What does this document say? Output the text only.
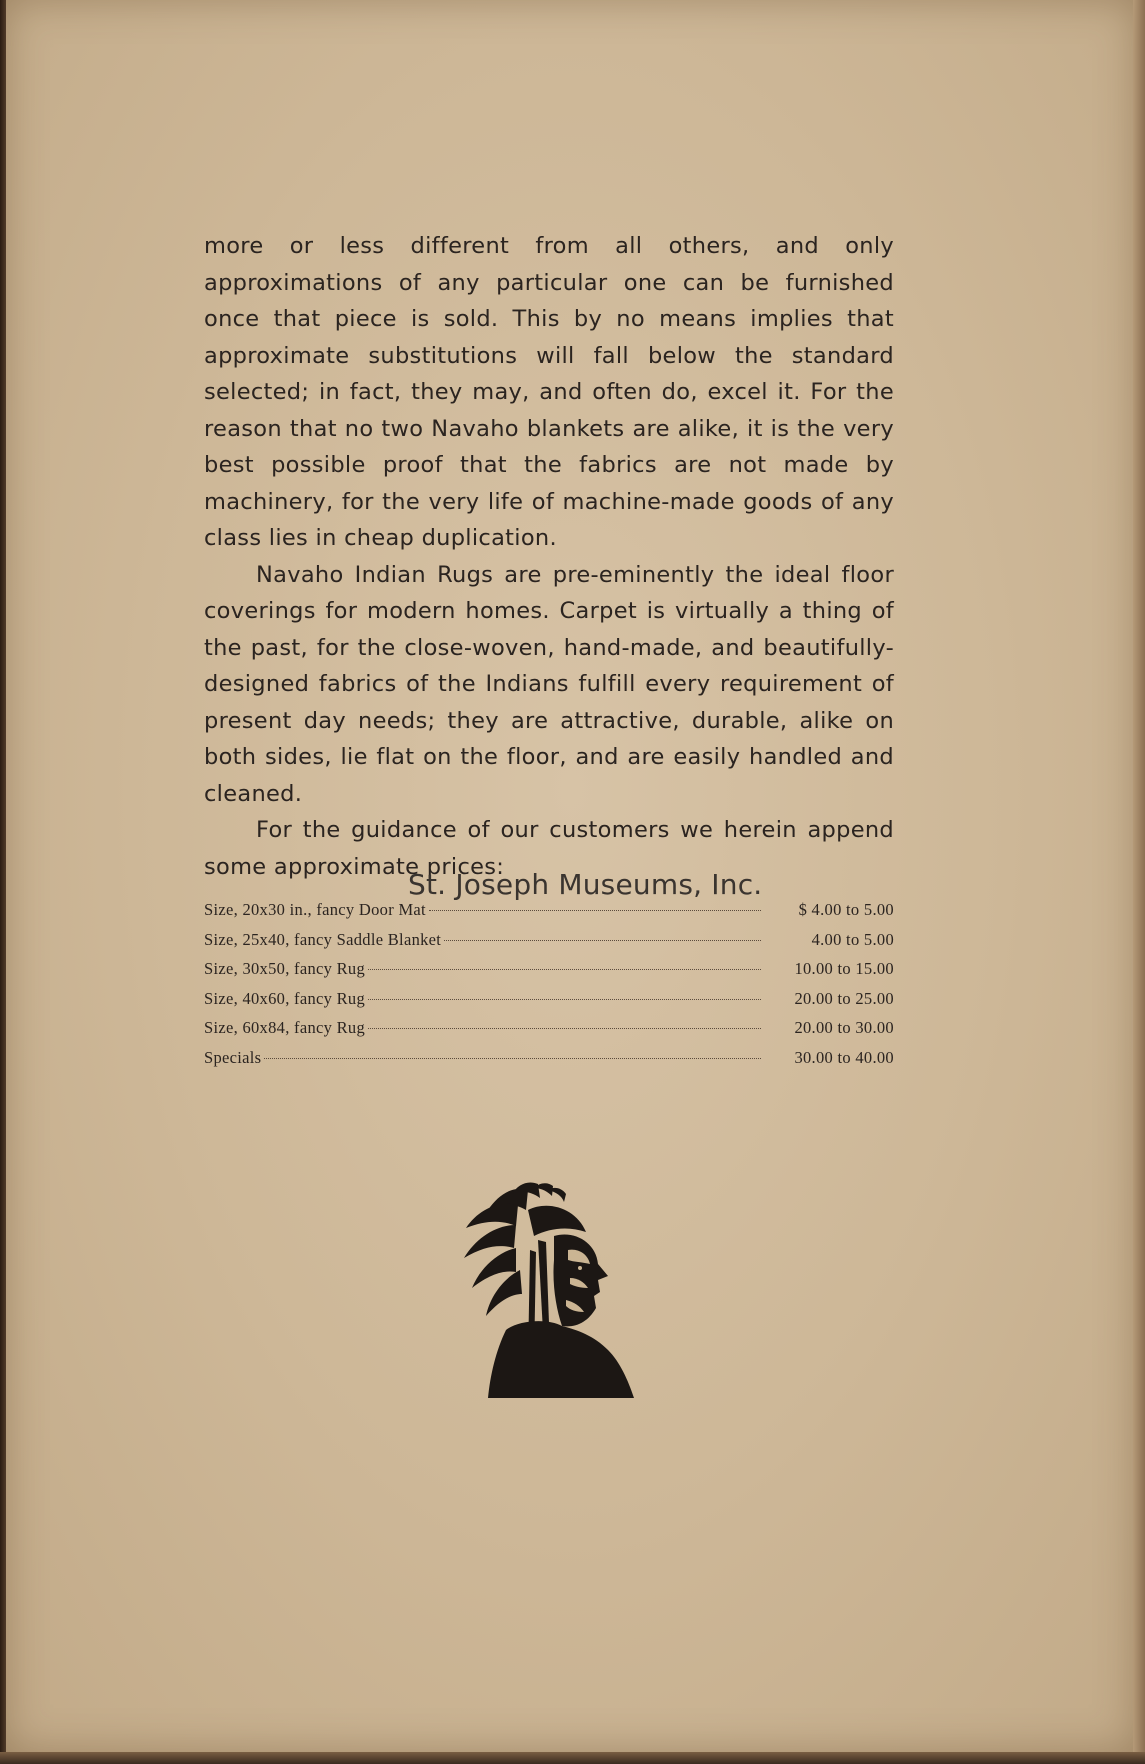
more or less different from all others, and only approximations of any particular one can be furnished once that piece is sold. This by no means implies that approximate substitutions will fall below the standard selected; in fact, they may, and often do, excel it. For the reason that no two Navaho blankets are alike, it is the very best possible proof that the fabrics are not made by machinery, for the very life of machine-made goods of any class lies in cheap duplication.

Navaho Indian Rugs are pre-eminently the ideal floor coverings for modern homes. Carpet is virtually a thing of the past, for the close-woven, hand-made, and beautifully-designed fabrics of the Indians fulfill every requirement of present day needs; they are attractive, durable, alike on both sides, lie flat on the floor, and are easily handled and cleaned.

For the guidance of our customers we herein append some approximate prices:

St. Joseph Museums, Inc.
Size, 20x30 in., fancy Door Mat	$ 4.00 to 5.00
Size, 25x40, fancy Saddle Blanket	4.00 to 5.00
Size, 30x50, fancy Rug	10.00 to 15.00
Size, 40x60, fancy Rug	20.00 to 25.00
Size, 60x84, fancy Rug	20.00 to 30.00
Specials	30.00 to 40.00
